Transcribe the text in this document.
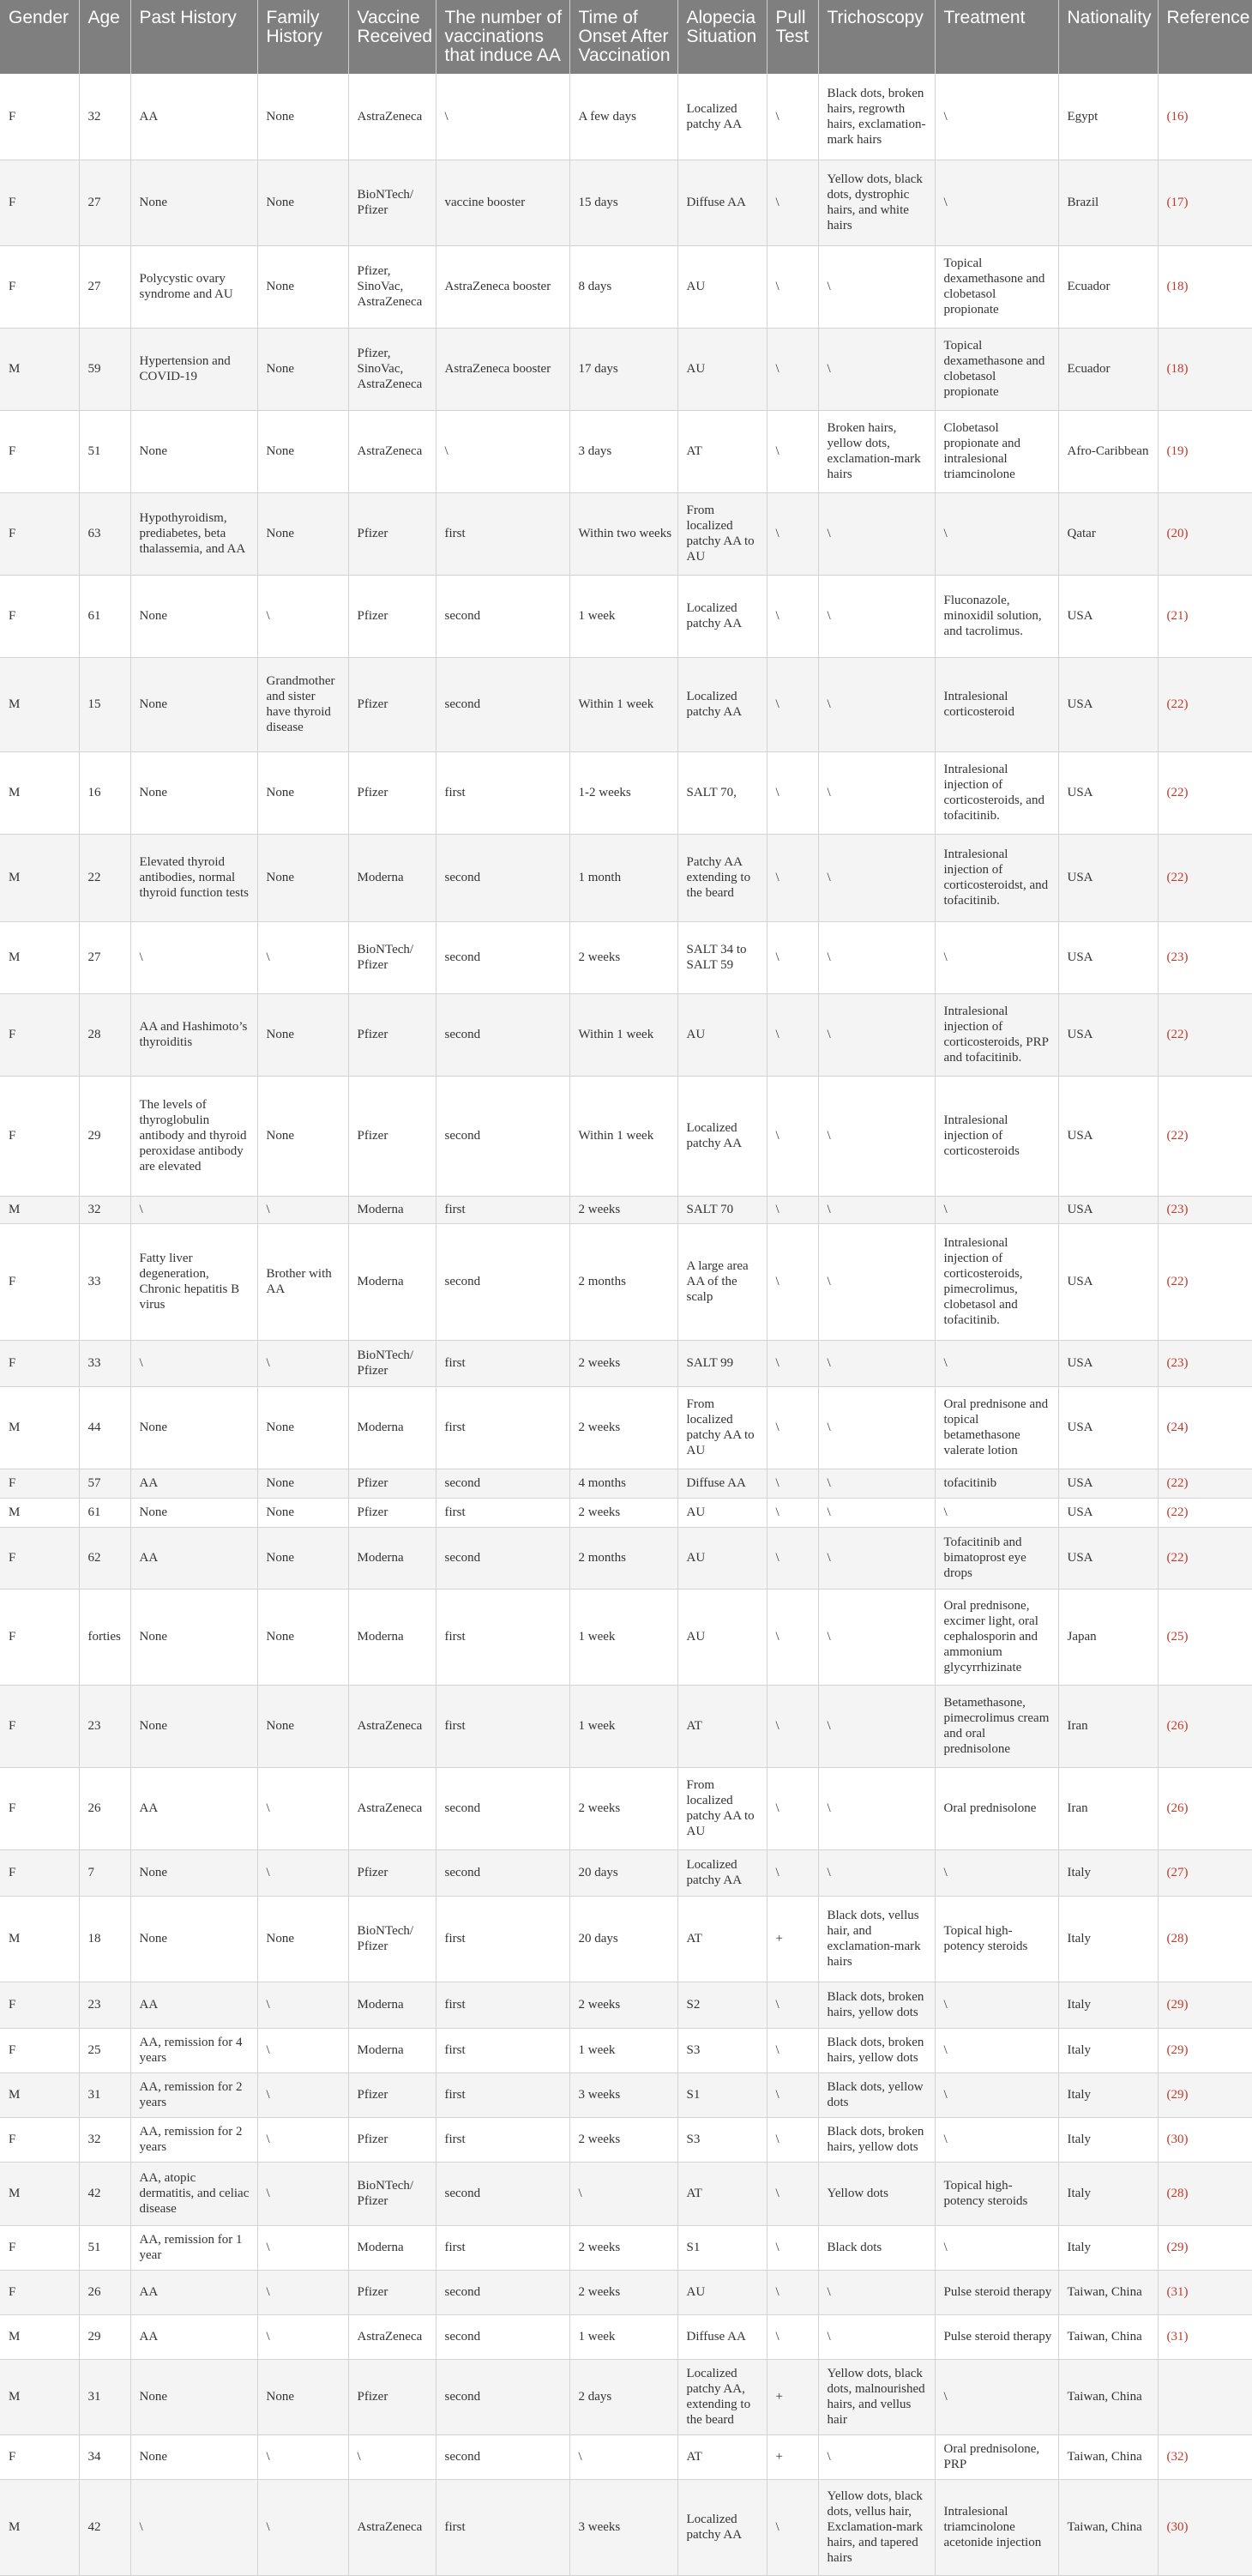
Gender	Age	Past History	Family History	Vaccine Received	The number of vaccinations that induce AA	Time of Onset After Vaccination	Alopecia Situation	Pull Test	Trichoscopy	Treatment	Nationality	Reference
F	32	AA	None	AstraZeneca	\	A few days	Localized patchy AA	\	Black dots, broken hairs, regrowth hairs, exclamation-mark hairs	\	Egypt	(16)
F	27	None	None	BioNTech/ Pfizer	vaccine booster	15 days	Diffuse AA	\	Yellow dots, black dots, dystrophic hairs, and white hairs	\	Brazil	(17)
F	27	Polycystic ovary syndrome and AU	None	Pfizer, SinoVac, AstraZeneca	AstraZeneca booster	8 days	AU	\	\	Topical dexamethasone and clobetasol propionate	Ecuador	(18)
M	59	Hypertension and COVID-19	None	Pfizer, SinoVac, AstraZeneca	AstraZeneca booster	17 days	AU	\	\	Topical dexamethasone and clobetasol propionate	Ecuador	(18)
F	51	None	None	AstraZeneca	\	3 days	AT	\	Broken hairs, yellow dots, exclamation-mark hairs	Clobetasol propionate and intralesional triamcinolone	Afro-Caribbean	(19)
F	63	Hypothyroidism, prediabetes, beta thalassemia, and AA	None	Pfizer	first	Within two weeks	From localized patchy AA to AU	\	\	\	Qatar	(20)
F	61	None	\	Pfizer	second	1 week	Localized patchy AA	\	\	Fluconazole, minoxidil solution, and tacrolimus.	USA	(21)
M	15	None	Grandmother and sister have thyroid disease	Pfizer	second	Within 1 week	Localized patchy AA	\	\	Intralesional corticosteroid	USA	(22)
M	16	None	None	Pfizer	first	1-2 weeks	SALT 70,	\	\	Intralesional injection of corticosteroids, and tofacitinib.	USA	(22)
M	22	Elevated thyroid antibodies, normal thyroid function tests	None	Moderna	second	1 month	Patchy AA extending to the beard	\	\	Intralesional injection of corticosteroidst, and tofacitinib.	USA	(22)
M	27	\	\	BioNTech/ Pfizer	second	2 weeks	SALT 34 to SALT 59	\	\	\	USA	(23)
F	28	AA and Hashimoto’s thyroiditis	None	Pfizer	second	Within 1 week	AU	\	\	Intralesional injection of corticosteroids, PRP and tofacitinib.	USA	(22)
F	29	The levels of thyroglobulin antibody and thyroid peroxidase antibody are elevated	None	Pfizer	second	Within 1 week	Localized patchy AA	\	\	Intralesional injection of corticosteroids	USA	(22)
M	32	\	\	Moderna	first	2 weeks	SALT 70	\	\	\	USA	(23)
F	33	Fatty liver degeneration, Chronic hepatitis B virus	Brother with AA	Moderna	second	2 months	A large area AA of the scalp	\	\	Intralesional injection of corticosteroids, pimecrolimus, clobetasol and tofacitinib.	USA	(22)
F	33	\	\	BioNTech/ Pfizer	first	2 weeks	SALT 99	\	\	\	USA	(23)
M	44	None	None	Moderna	first	2 weeks	From localized patchy AA to AU	\	\	Oral prednisone and topical betamethasone valerate lotion	USA	(24)
F	57	AA	None	Pfizer	second	4 months	Diffuse AA	\	\	tofacitinib	USA	(22)
M	61	None	None	Pfizer	first	2 weeks	AU	\	\	\	USA	(22)
F	62	AA	None	Moderna	second	2 months	AU	\	\	Tofacitinib and bimatoprost eye drops	USA	(22)
F	forties	None	None	Moderna	first	1 week	AU	\	\	Oral prednisone, excimer light, oral cephalosporin and ammonium glycyrrhizinate	Japan	(25)
F	23	None	None	AstraZeneca	first	1 week	AT	\	\	Betamethasone, pimecrolimus cream and oral prednisolone	Iran	(26)
F	26	AA	\	AstraZeneca	second	2 weeks	From localized patchy AA to AU	\	\	Oral prednisolone	Iran	(26)
F	7	None	\	Pfizer	second	20 days	Localized patchy AA	\	\	\	Italy	(27)
M	18	None	None	BioNTech/ Pfizer	first	20 days	AT	+	Black dots, vellus hair, and exclamation-mark hairs	Topical high-potency steroids	Italy	(28)
F	23	AA	\	Moderna	first	2 weeks	S2	\	Black dots, broken hairs, yellow dots	\	Italy	(29)
F	25	AA, remission for 4 years	\	Moderna	first	1 week	S3	\	Black dots, broken hairs, yellow dots	\	Italy	(29)
M	31	AA, remission for 2 years	\	Pfizer	first	3 weeks	S1	\	Black dots, yellow dots	\	Italy	(29)
F	32	AA, remission for 2 years	\	Pfizer	first	2 weeks	S3	\	Black dots, broken hairs, yellow dots	\	Italy	(30)
M	42	AA, atopic dermatitis, and celiac disease	\	BioNTech/ Pfizer	second	\	AT	\	Yellow dots	Topical high-potency steroids	Italy	(28)
F	51	AA, remission for 1 year	\	Moderna	first	2 weeks	S1	\	Black dots	\	Italy	(29)
F	26	AA	\	Pfizer	second	2 weeks	AU	\	\	Pulse steroid therapy	Taiwan, China	(31)
M	29	AA	\	AstraZeneca	second	1 week	Diffuse AA	\	\	Pulse steroid therapy	Taiwan, China	(31)
M	31	None	None	Pfizer	second	2 days	Localized patchy AA, extending to the beard	+	Yellow dots, black dots, malnourished hairs, and vellus hair	\	Taiwan, China	
F	34	None	\	\	second	\	AT	+	\	Oral prednisolone, PRP	Taiwan, China	(32)
M	42	\	\	AstraZeneca	first	3 weeks	Localized patchy AA	\	Yellow dots, black dots, vellus hair, Exclamation-mark hairs, and tapered hairs	Intralesional triamcinolone acetonide injection	Taiwan, China	(30)
